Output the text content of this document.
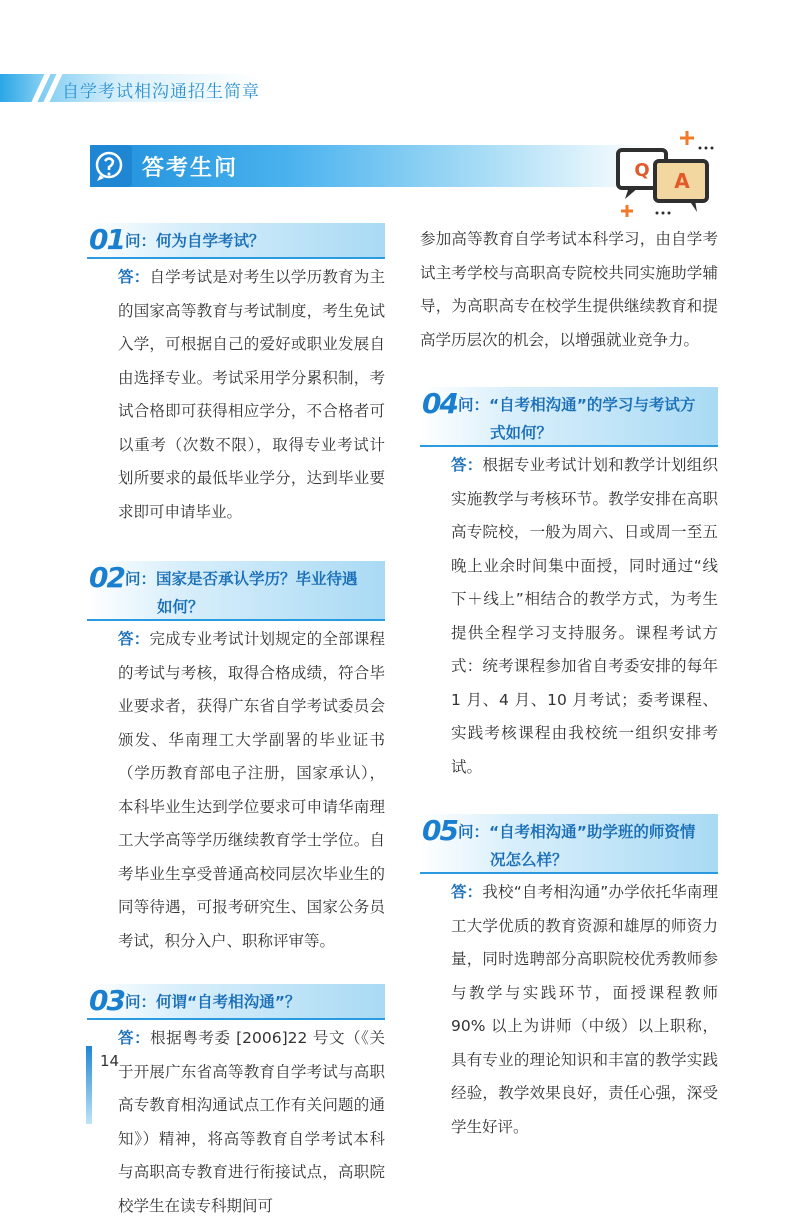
自学考试相沟通招生简章
答考生问	Q A
01 问：何为自学考试？

答：自学考试是对考生以学历教育为主的国家高等教育与考试制度，考生免试入学，可根据自己的爱好或职业发展自由选择专业。考试采用学分累积制，考试合格即可获得相应学分，不合格者可以重考（次数不限），取得专业考试计划所要求的最低毕业学分，达到毕业要求即可申请毕业。

02 问：国家是否承认学历？毕业待遇
如何？

答：完成专业考试计划规定的全部课程的考试与考核，取得合格成绩，符合毕业要求者，获得广东省自学考试委员会颁发、华南理工大学副署的毕业证书（学历教育部电子注册，国家承认），本科毕业生达到学位要求可申请华南理工大学高等学历继续教育学士学位。自考毕业生享受普通高校同层次毕业生的同等待遇，可报考研究生、国家公务员考试，积分入户、职称评审等。

03 问：何谓“自考相沟通”？

答：根据粤考委 [2006]22 号文（《关于开展广东省高等教育自学考试与高职高专教育相沟通试点工作有关问题的通知》）精神，将高等教育自学考试本科与高职高专教育进行衔接试点，高职院校学生在读专科期间可

参加高等教育自学考试本科学习，由自学考试主考学校与高职高专院校共同实施助学辅导，为高职高专在校学生提供继续教育和提高学历层次的机会，以增强就业竞争力。

04 问：“自考相沟通”的学习与考试方
式如何？

答：根据专业考试计划和教学计划组织实施教学与考核环节。教学安排在高职高专院校，一般为周六、日或周一至五晚上业余时间集中面授，同时通过“线下＋线上”相结合的教学方式，为考生提供全程学习支持服务。课程考试方式：统考课程参加省自考委安排的每年 1 月、4 月、10 月考试；委考课程、实践考核课程由我校统一组织安排考试。

05 问：“自考相沟通”助学班的师资情
况怎么样？

答：我校“自考相沟通”办学依托华南理工大学优质的教育资源和雄厚的师资力量，同时选聘部分高职院校优秀教师参与教学与实践环节，面授课程教师 90% 以上为讲师（中级）以上职称，具有专业的理论知识和丰富的教学实践经验，教学效果良好，责任心强，深受学生好评。

14
